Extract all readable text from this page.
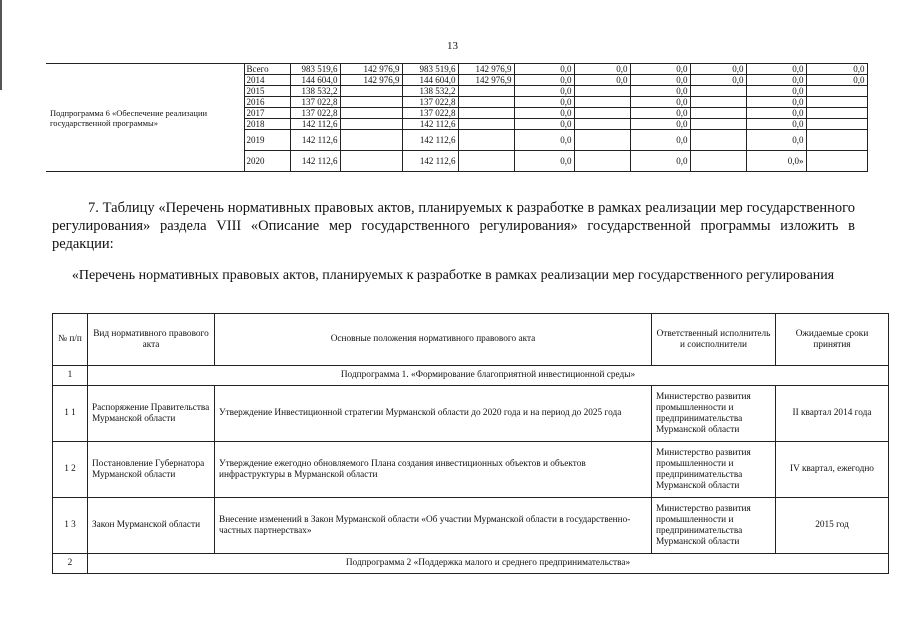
13
Подпрограмма 6 «Обеспечение реализации государственной программы»	Всего	983 519,6	142 976,9	983 519,6	142 976,9	0,0	0,0	0,0	0,0	0,0	0,0
	2014	144 604,0	142 976,9	144 604,0	142 976,9	0,0	0,0	0,0	0,0	0,0	0,0
	2015	138 532,2		138 532,2		0,0		0,0		0,0	
	2016	137 022,8		137 022,8		0,0		0,0		0,0	
	2017	137 022,8		137 022,8		0,0		0,0		0,0	
	2018	142 112,6		142 112,6		0,0		0,0		0,0	
	2019	142 112,6		142 112,6		0,0		0,0		0,0	
	2020	142 112,6		142 112,6		0,0		0,0		0,0»	

7. Таблицу «Перечень нормативных правовых актов, планируемых к разработке в рамках реализации мер государственного регулирования» раздела VIII «Описание мер государственного регулирования» государственной программы изложить в редакции:

«Перечень нормативных правовых актов, планируемых к разработке в рамках реализации мер государственного регулирования

№ п/п	Вид нормативного правового акта	Основные положения нормативного правового акта	Ответственный исполнитель и соисполнители	Ожидаемые сроки принятия
1	Подпрограмма 1. «Формирование благоприятной инвестиционной среды»			
1 1	Распоряжение Правительства Мурманской области	Утверждение Инвестиционной стратегии Мурманской области до 2020 года и на период до 2025 года	Министерство развития промышленности и предпринимательства Мурманской области	II квартал 2014 года
1 2	Постановление Губернатора Мурманской области	Утверждение ежегодно обновляемого Плана создания инвестиционных объектов и объектов инфраструктуры в Мурманской области	Министерство развития промышленности и предпринимательства Мурманской области	IV квартал, ежегодно
1 3	Закон Мурманской области	Внесение изменений в Закон Мурманской области «Об участии Мурманской области в государственно-частных партнерствах»	Министерство развития промышленности и предпринимательства Мурманской области	2015 год
2	Подпрограмма 2 «Поддержка малого и среднего предпринимательства»			
